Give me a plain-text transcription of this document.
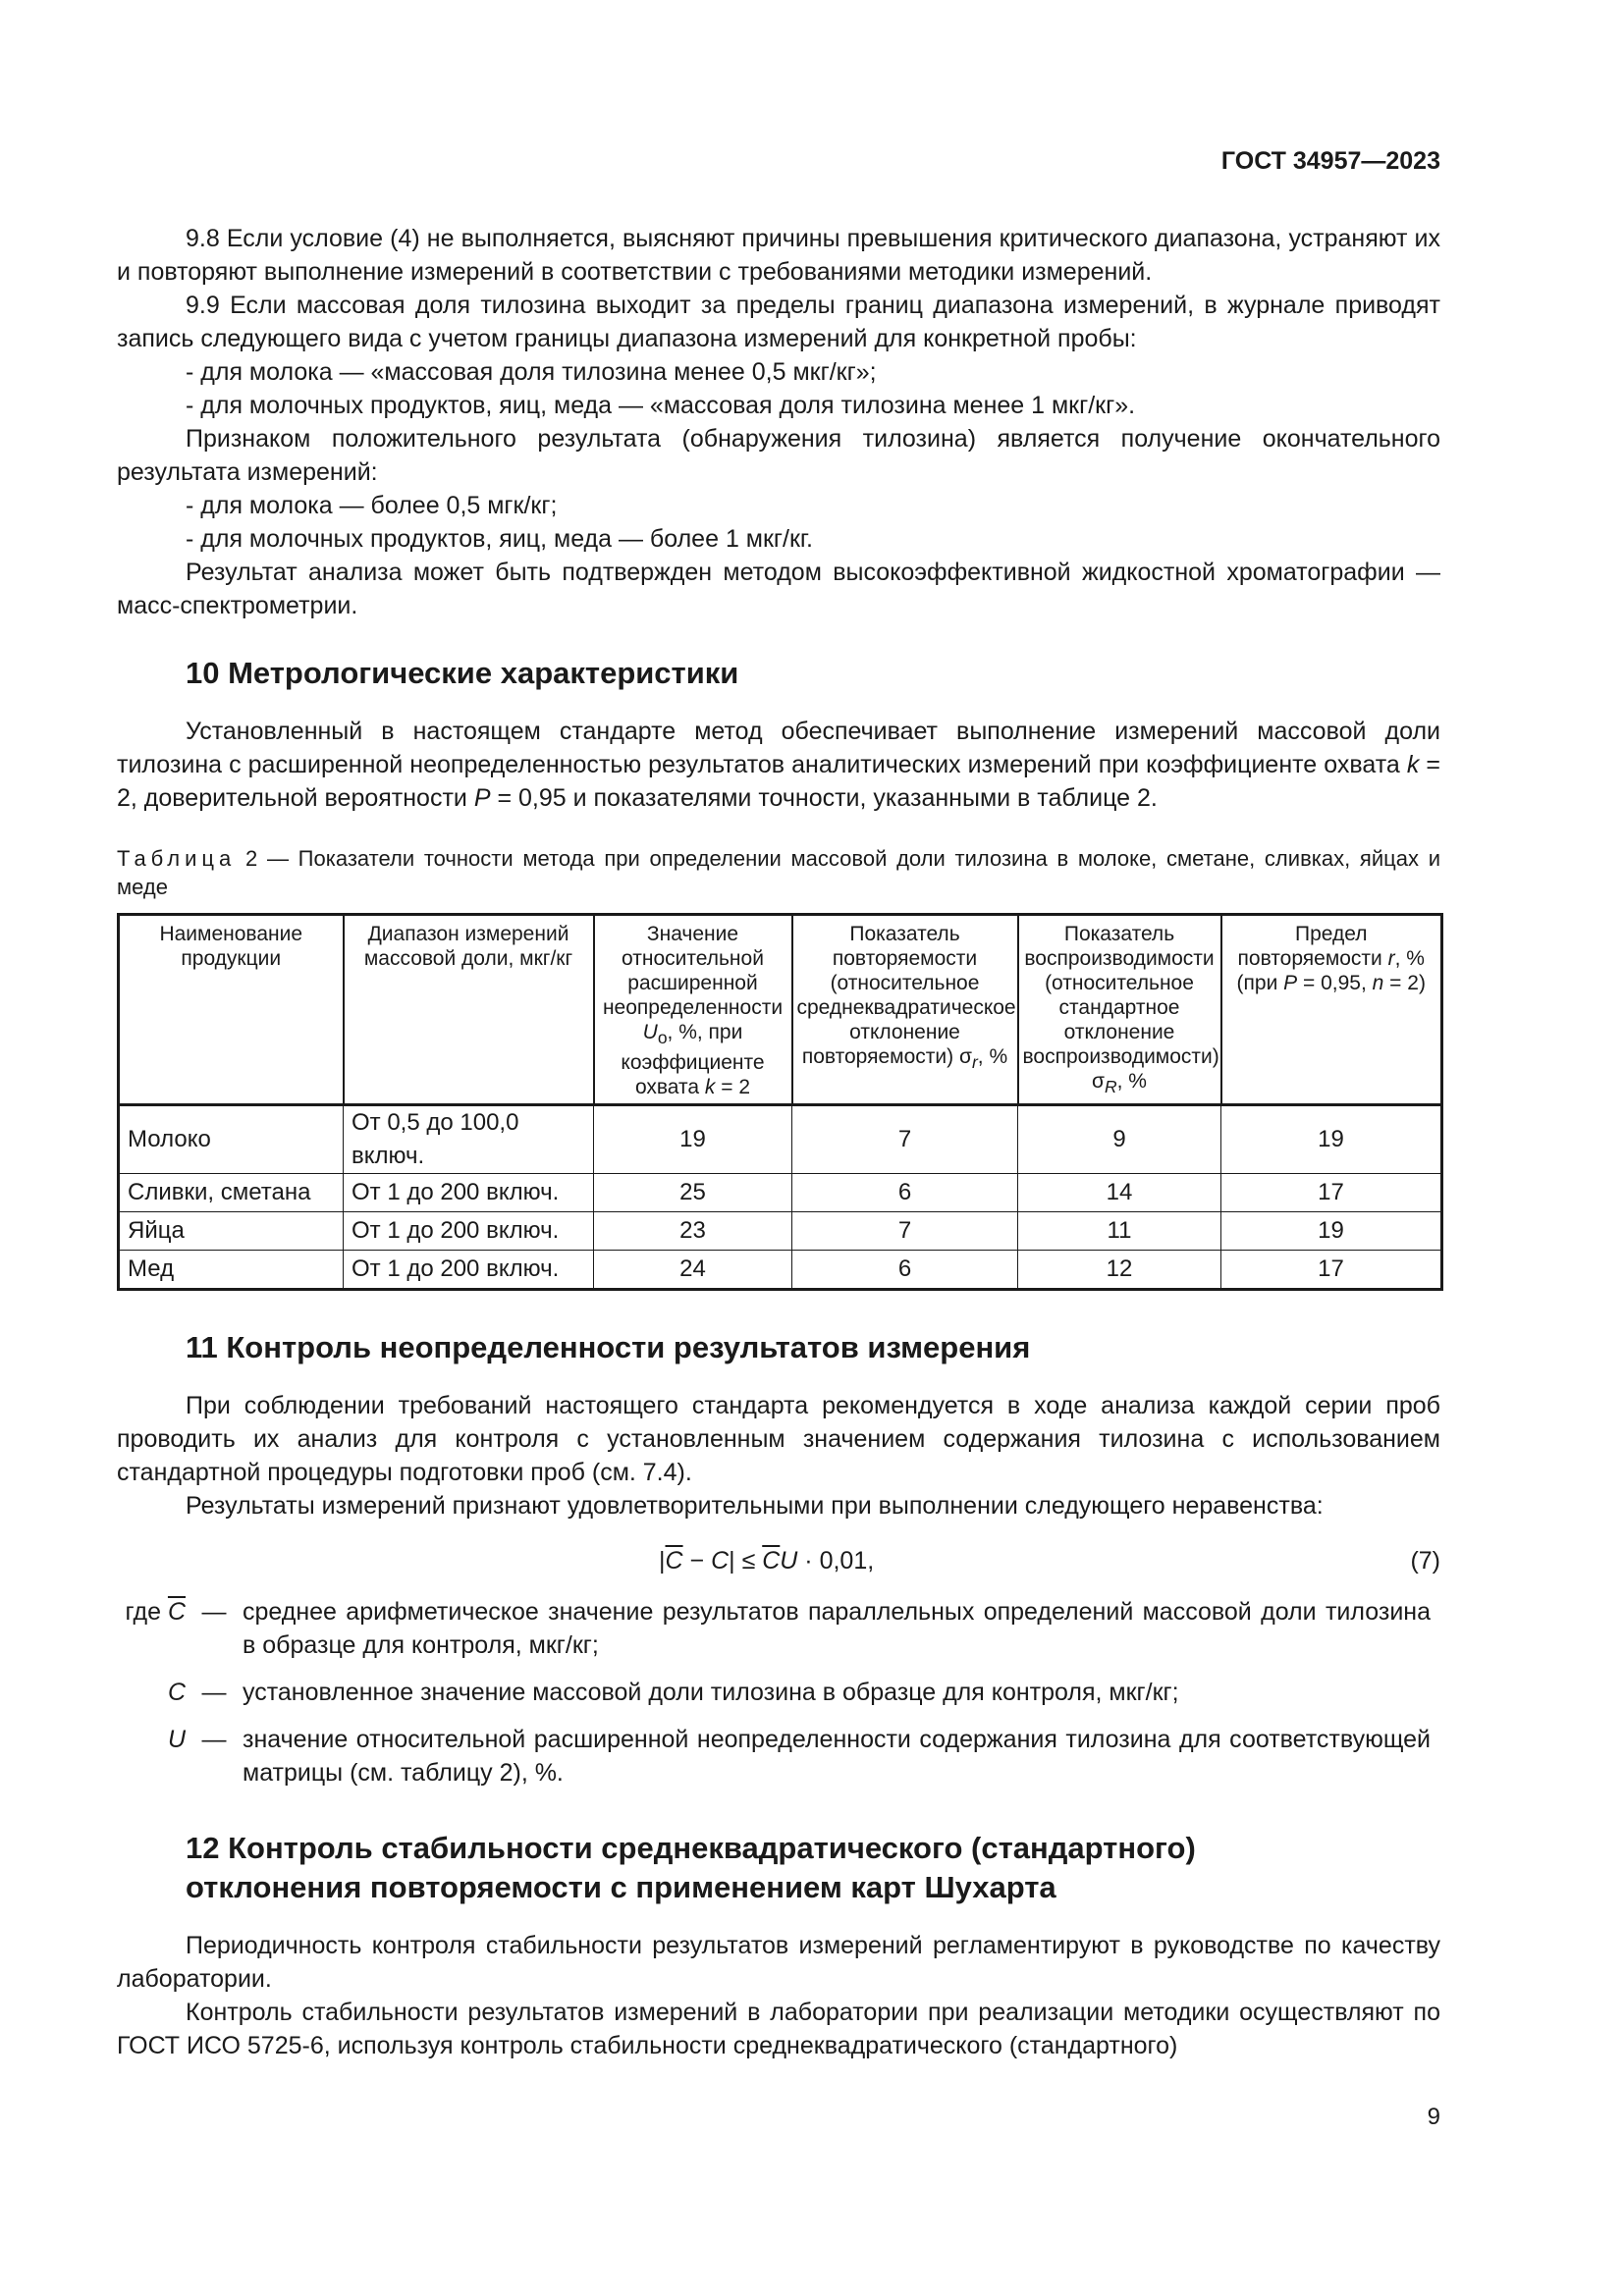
ГОСТ 34957—2023

9.8 Если условие (4) не выполняется, выясняют причины превышения критического диапазона, устраняют их и повторяют выполнение измерений в соответствии с требованиями методики измерений.

9.9 Если массовая доля тилозина выходит за пределы границ диапазона измерений, в журнале приводят запись следующего вида с учетом границы диапазона измерений для конкретной пробы:

- для молока — «массовая доля тилозина менее 0,5 мкг/кг»;

- для молочных продуктов, яиц, меда — «массовая доля тилозина менее 1 мкг/кг».

Признаком положительного результата (обнаружения тилозина) является получение окончательного результата измерений:

- для молока — более 0,5 мгк/кг;

- для молочных продуктов, яиц, меда — более 1 мкг/кг.

Результат анализа может быть подтвержден методом высокоэффективной жидкостной хроматографии — масс-спектрометрии.

10 Метрологические характеристики

Установленный в настоящем стандарте метод обеспечивает выполнение измерений массовой доли тилозина с расширенной неопределенностью результатов аналитических измерений при коэффициенте охвата k = 2, доверительной вероятности P = 0,95 и показателями точности, указанными в таблице 2.

Таблица 2 — Показатели точности метода при определении массовой доли тилозина в молоке, сметане, сливках, яйцах и меде

Наименование продукции	Диапазон измерений массовой доли, мкг/кг	Значение относительной расширенной неопределенности $U_o$, %, при коэффициенте охвата k = 2	Показатель повторяемости (относительное среднеквадратическое отклонение повторяемости) $\sigma_r$, %	Показатель воспроизводимости (относительное стандартное отклонение воспроизводимости) $\sigma_R$, %	Предел повторяемости r, % (при P = 0,95, n = 2)
Молоко	От 0,5 до 100,0 включ.	19	7	9	19
Сливки, сметана	От 1 до 200 включ.	25	6	14	17
Яйца	От 1 до 200 включ.	23	7	11	19
Мед	От 1 до 200 включ.	24	6	12	17
11 Контроль неопределенности результатов измерения

При соблюдении требований настоящего стандарта рекомендуется в ходе анализа каждой серии проб проводить их анализ для контроля с установленным значением содержания тилозина с использованием стандартной процедуры подготовки проб (см. 7.4).

Результаты измерений признают удовлетворительными при выполнении следующего неравенства:

$|\overline{C} - C| \le \overline{C}U \cdot 0,01$,	(7)
где $\overline{C}$ — среднее арифметическое значение результатов параллельных определений массовой доли тилозина в образце для контроля, мкг/кг;
C — установленное значение массовой доли тилозина в образце для контроля, мкг/кг;
U — значение относительной расширенной неопределенности содержания тилозина для соответствующей матрицы (см. таблицу 2), %.
12 Контроль стабильности среднеквадратического (стандартного)
отклонения повторяемости с применением карт Шухарта

Периодичность контроля стабильности результатов измерений регламентируют в руководстве по качеству лаборатории.

Контроль стабильности результатов измерений в лаборатории при реализации методики осуществляют по ГОСТ ИСО 5725-6, используя контроль стабильности среднеквадратического (стандартного)

9
